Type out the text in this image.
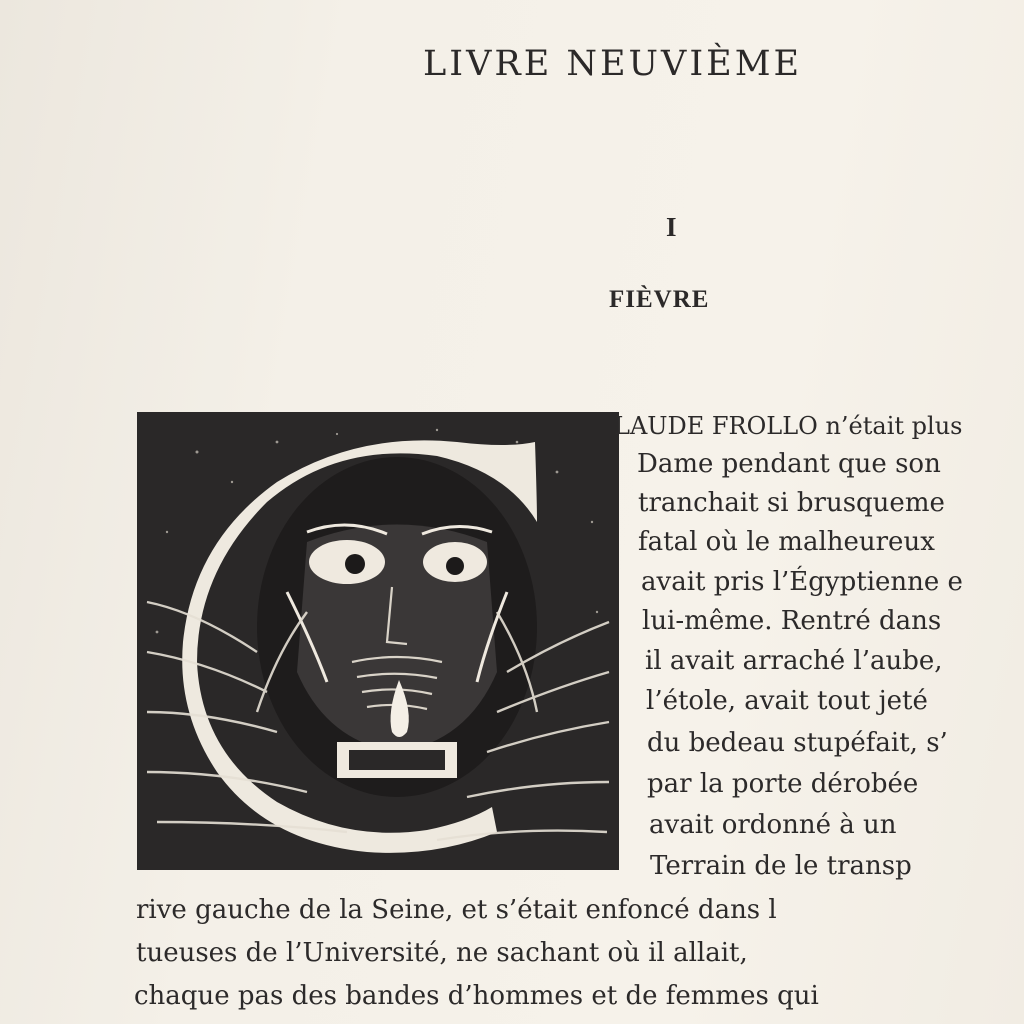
LIVRE NEUVIÈME
I
FIÈVRE
LAUDE FROLLO n’était plus
Dame pendant que son
tranchait si brusqueme
fatal où le malheureux
avait pris l’Égyptienne e
lui-même. Rentré dans
il avait arraché l’aube,
l’étole, avait tout jeté
du bedeau stupéfait, s’
par la porte dérobée
avait ordonné à un
Terrain de le transp
rive gauche de la Seine, et s’était enfoncé dans l
tueuses de l’Université, ne sachant où il allait,
chaque pas des bandes d’hommes et de femmes qui
